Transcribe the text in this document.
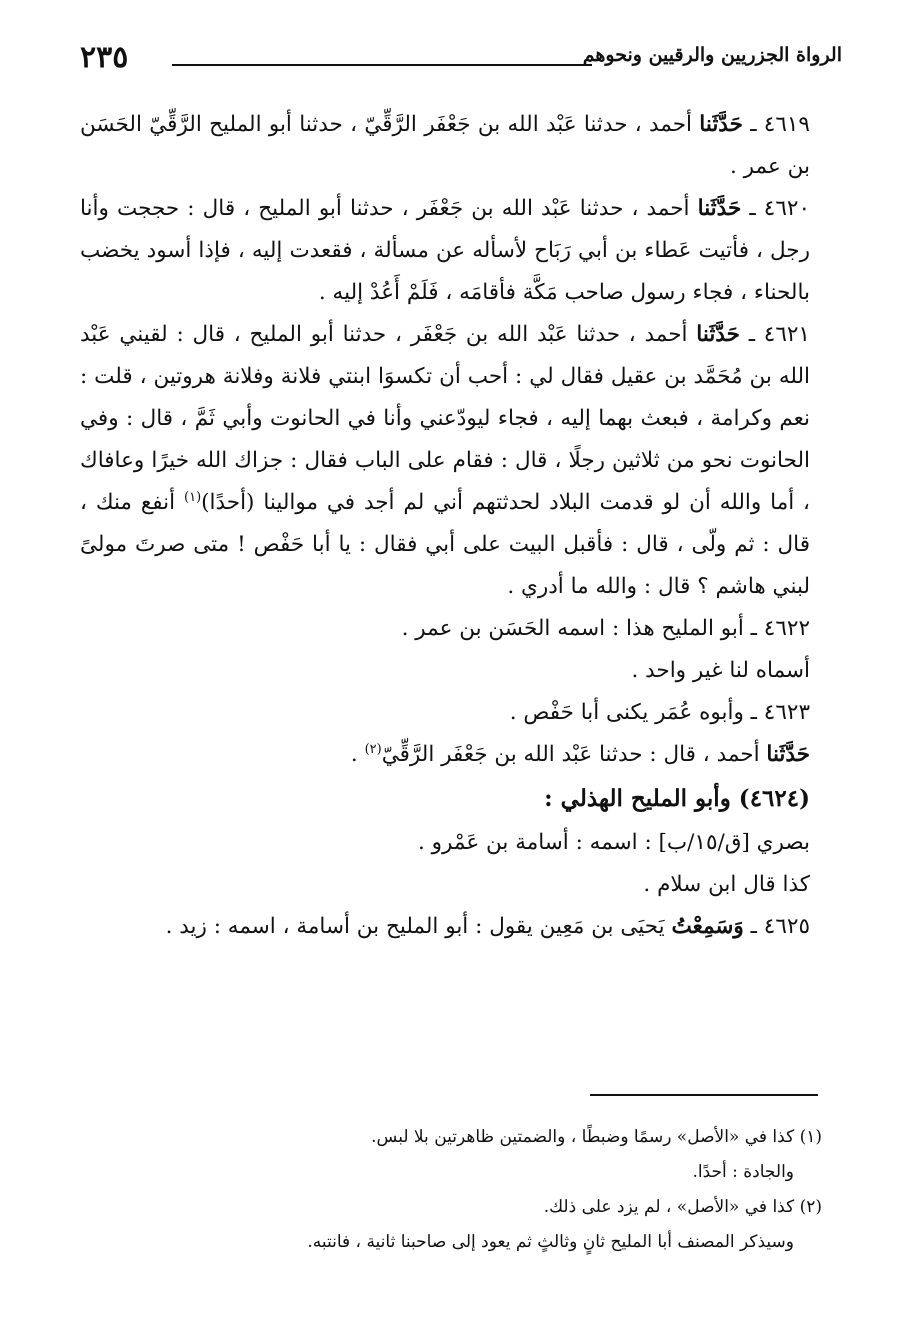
الرواة الجزريين والرقيين ونحوهم
٢٣٥

٤٦١٩ ـ حَدَّثَنا أحمد ، حدثنا عَبْد الله بن جَعْفَر الرَّقِّيّ ، حدثنا أبو المليح الرَّقِّيّ الحَسَن بن عمر .

٤٦٢٠ ـ حَدَّثَنا أحمد ، حدثنا عَبْد الله بن جَعْفَر ، حدثنا أبو المليح ، قال : حججت وأنا رجل ، فأتيت عَطاء بن أبي رَبَاح لأسأله عن مسألة ، فقعدت إليه ، فإذا أسود يخضب بالحناء ، فجاء رسول صاحب مَكَّة فأقامَه ، فَلَمْ أَعُدْ إليه .

٤٦٢١ ـ حَدَّثَنا أحمد ، حدثنا عَبْد الله بن جَعْفَر ، حدثنا أبو المليح ، قال : لقيني عَبْد الله بن مُحَمَّد بن عقيل فقال لي : أحب أن تكسوَا ابنتي فلانة وفلانة هروتين ، قلت : نعم وكرامة ، فبعث بهما إليه ، فجاء ليودّعني وأنا في الحانوت وأبي ثَمَّ ، قال : وفي الحانوت نحو من ثلاثين رجلًا ، قال : فقام على الباب فقال : جزاك الله خيرًا وعافاك ، أما والله أن لو قدمت البلاد لحدثتهم أني لم أجد في موالينا (أحدًا)$^{(١)}$ أنفع منك ، قال : ثم ولّى ، قال : فأقبل البيت على أبي فقال : يا أبا حَفْص ! متى صرتَ مولىً لبني هاشم ؟ قال : والله ما أدري .

٤٦٢٢ ـ أبو المليح هذا : اسمه الحَسَن بن عمر .

أسماه لنا غير واحد .

٤٦٢٣ ـ وأبوه عُمَر يكنى أبا حَفْص .

حَدَّثَنا أحمد ، قال : حدثنا عَبْد الله بن جَعْفَر الرَّقِّيّ$^{(٢)}$ .

(٤٦٢٤) وأبو المليح الهذلي :

بصري [ق/١٥/ب] : اسمه : أسامة بن عَمْرو .

كذا قال ابن سلام .

٤٦٢٥ ـ وَسَمِعْتُ يَحيَى بن مَعِين يقول : أبو المليح بن أسامة ، اسمه : زيد .

(١) كذا في «الأصل» رسمًا وضبطًا ، والضمتين ظاهرتين بلا لبس.

والجادة : أحدًا.

(٢) كذا في «الأصل» ، لم يزد على ذلك.

وسيذكر المصنف أبا المليح ثانٍ وثالثٍ ثم يعود إلى صاحبنا ثانية ، فانتبه.
